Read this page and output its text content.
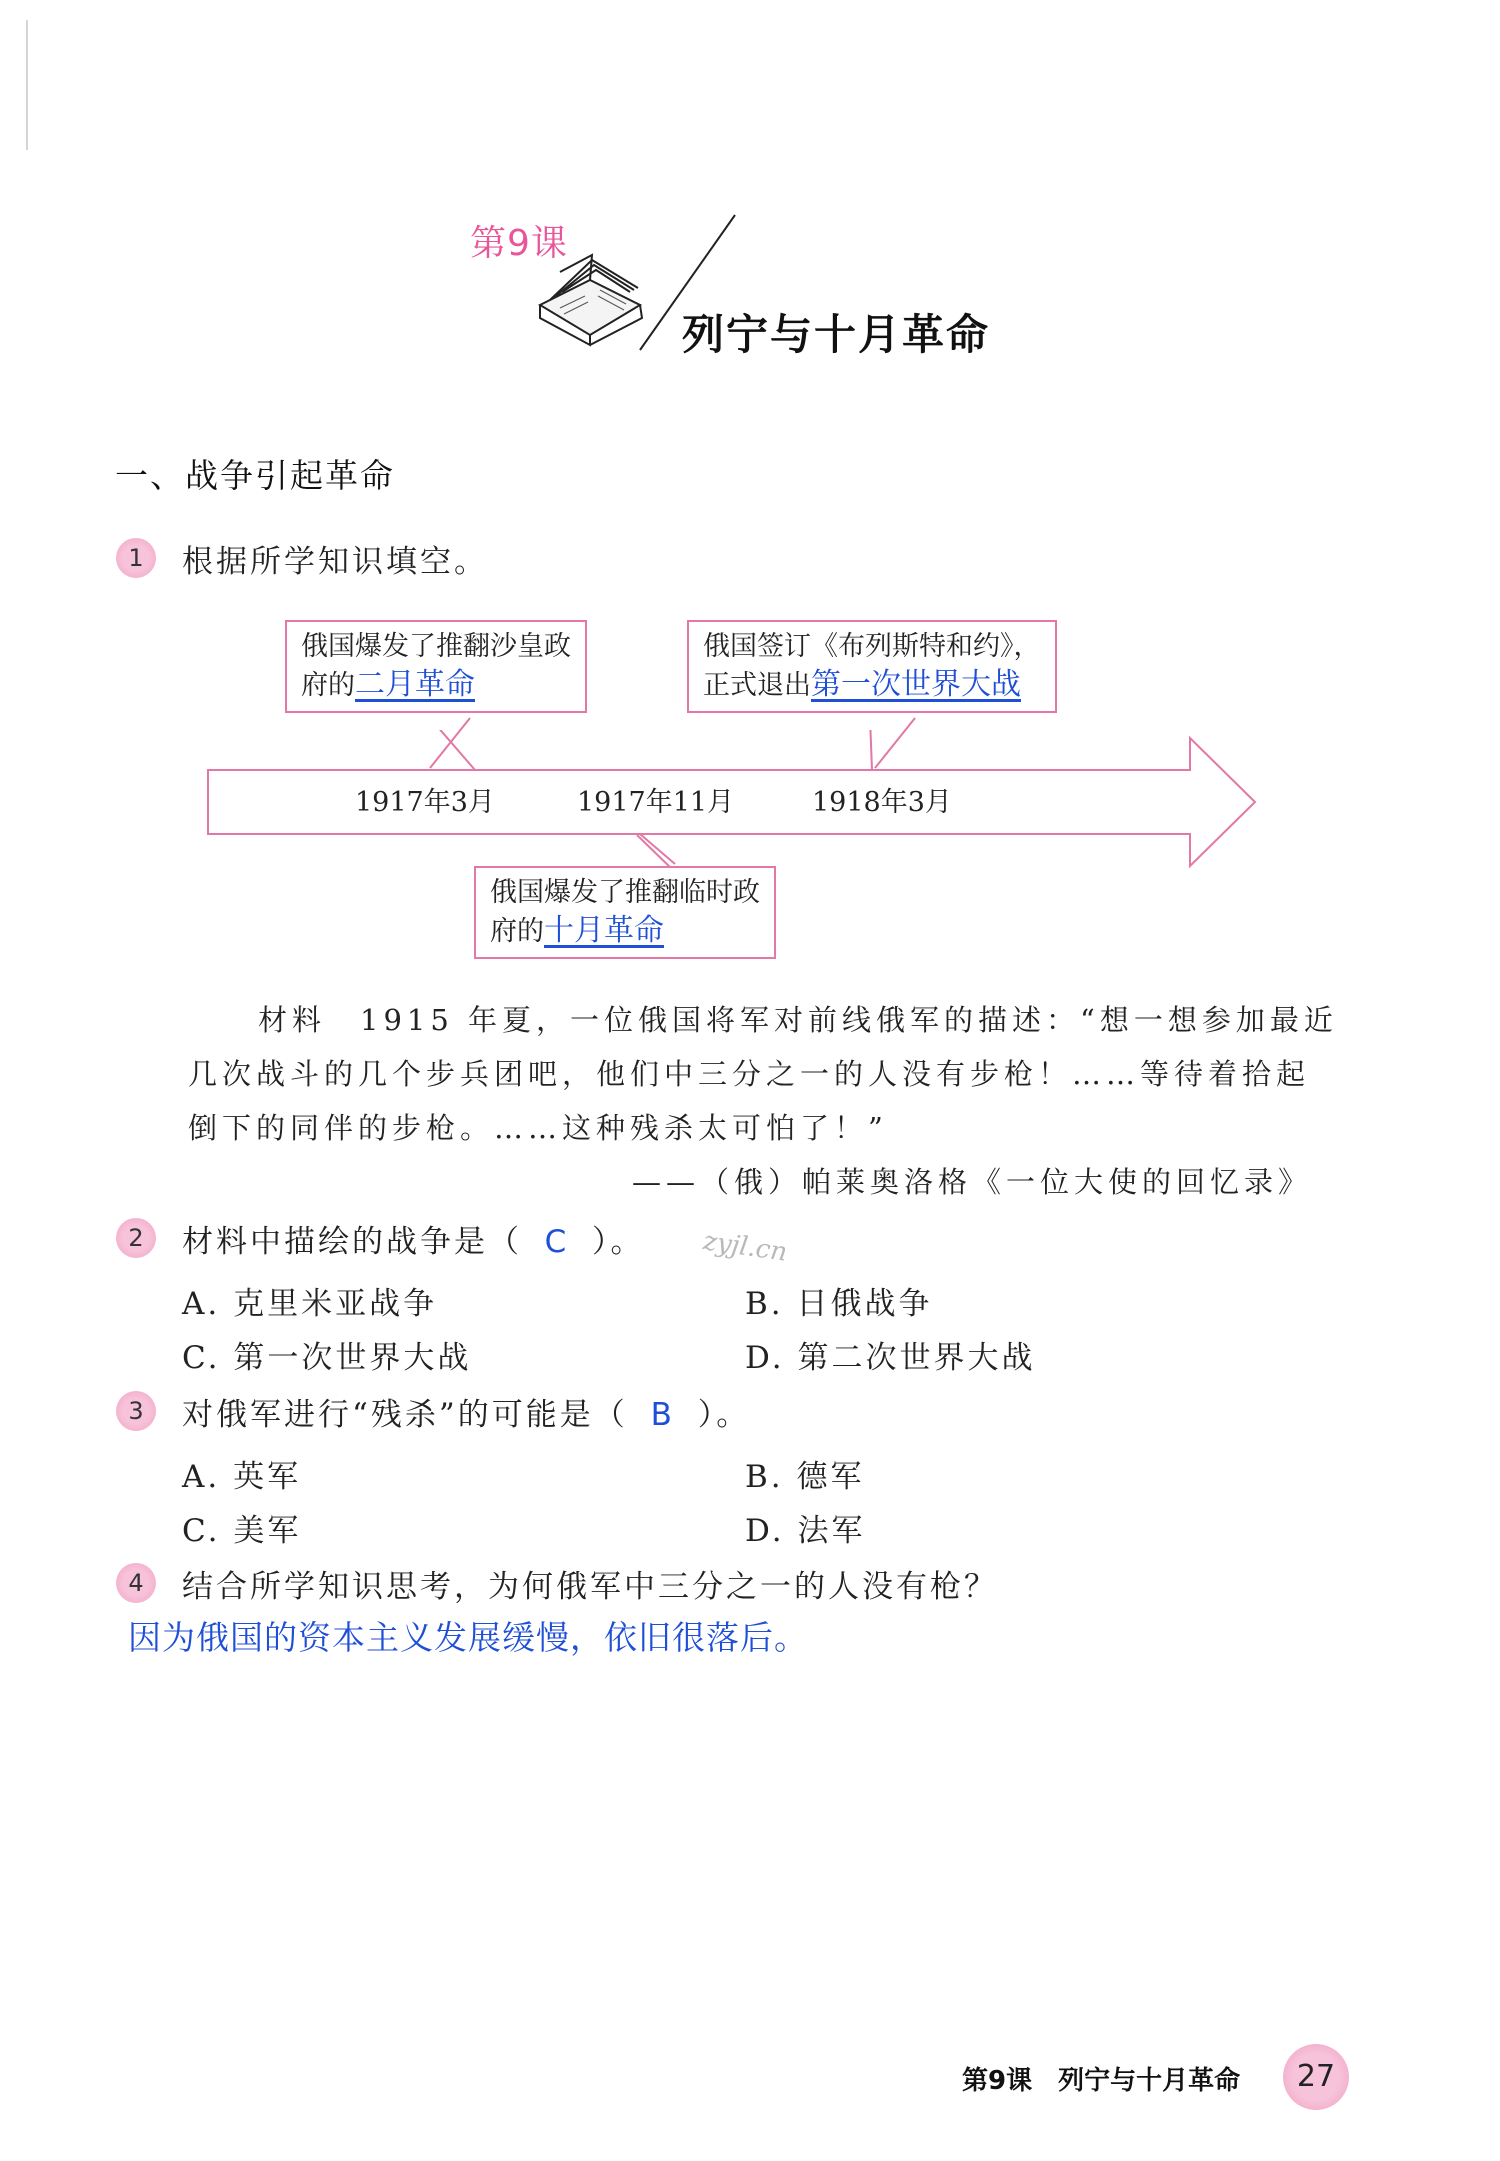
第9课
列宁与十月革命
一、战争引起革命
1	根据所学知识填空。
1917年3月	1917年11月	1918年3月
俄国爆发了推翻沙皇政
府的二月革命
俄国签订《布列斯特和约》，
正式退出第一次世界大战
俄国爆发了推翻临时政
府的十月革命
材料　1915 年夏，一位俄国将军对前线俄军的描述：“想一想参加最近
几次战斗的几个步兵团吧，他们中三分之一的人没有步枪！……等待着拾起
倒下的同伴的步枪。……这种残杀太可怕了！”
——（俄）帕莱奥洛格《一位大使的回忆录》
2	材料中描绘的战争是（ C ）。 zyjl.cn
A. 克里米亚战争	B. 日俄战争
C. 第一次世界大战	D. 第二次世界大战
3	对俄军进行“残杀”的可能是（ B ）。
A. 英军	B. 德军
C. 美军	D. 法军
4	结合所学知识思考，为何俄军中三分之一的人没有枪？
因为俄国的资本主义发展缓慢，依旧很落后。
第9课　列宁与十月革命	27
